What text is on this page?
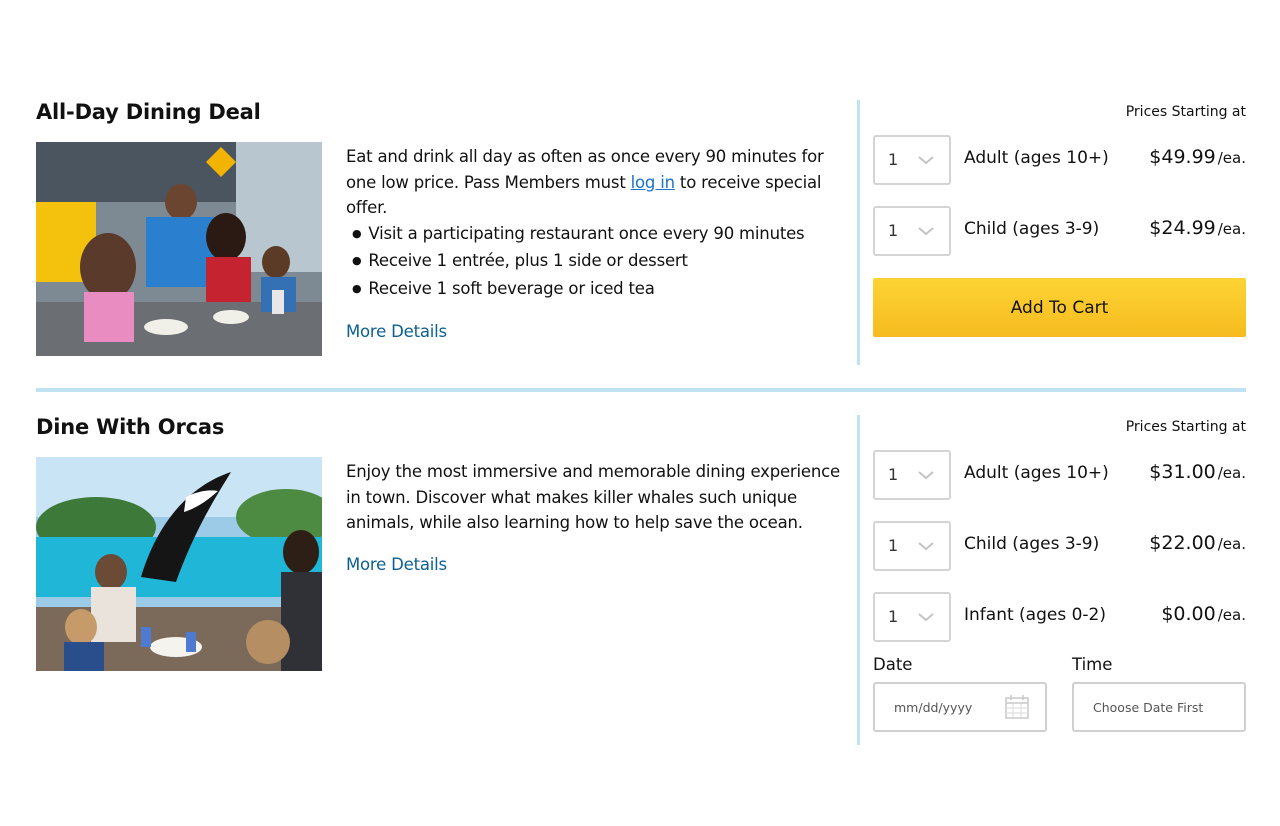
All-Day Dining Deal
Eat and drink all day as often as once every 90 minutes for one low price. Pass Members must log in to receive special offer.
● Visit a participating restaurant once every 90 minutes
● Receive 1 entrée, plus 1 side or dessert
● Receive 1 soft beverage or iced tea
More Details
Prices Starting at
1	Adult (ages 10+) $49.99 /ea.
1	Child (ages 3-9)	$24.99 /ea.
Add To Cart
Dine With Orcas
Enjoy the most immersive and memorable dining experience in town. Discover what makes killer whales such unique animals, while also learning how to help save the ocean.
More Details
Prices Starting at
1	Adult (ages 10+) $31.00 /ea.
1	Child (ages 3-9)	$22.00 /ea.
1	Infant (ages 0-2)	$0.00 /ea.
Date	Time
mm/dd/yyyy	Choose Date First
